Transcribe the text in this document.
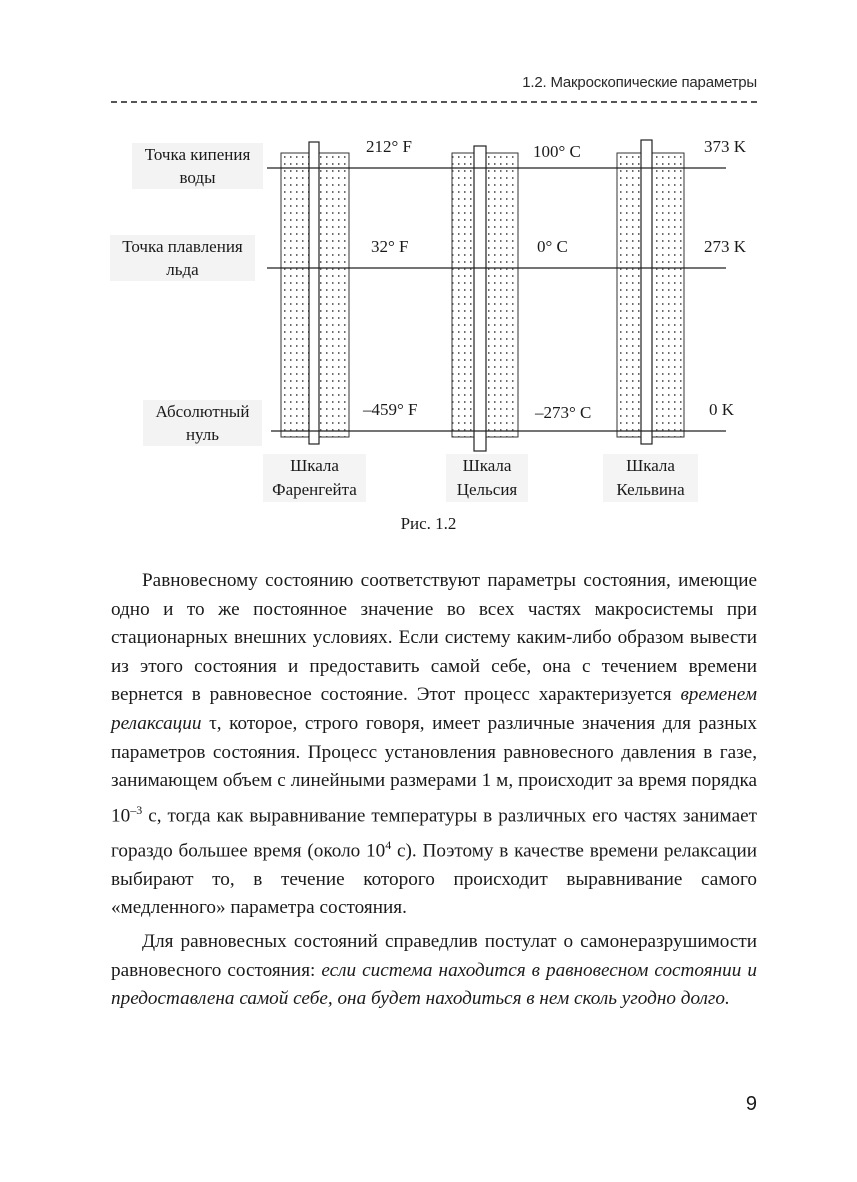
1.2. Макроскопические параметры
Точка кипения
воды
Точка плавления
льда
Абсолютный
нуль
212° F
32° F
–459° F
100° C
0° C
–273° C
373 K
273 K
0 K
Шкала
Фаренгейта
Шкала
Цельсия
Шкала
Кельвина
Рис. 1.2

Равновесному состоянию соответствуют параметры состояния, имеющие одно и то же постоянное значение во всех частях макросистемы при стационарных внешних условиях. Если систему каким-либо образом вывести из этого состояния и предоставить самой себе, она с течением времени вернется в равновесное состояние. Этот процесс характеризуется временем релаксации τ, которое, строго говоря, имеет различные значения для разных параметров состояния. Процесс установления равновесного давления в газе, занимающем объем с линейными размерами 1 м, происходит за время порядка $10^{-3}$ с, тогда как выравнивание температуры в различных его частях занимает гораздо большее время (около $10^4$ с). Поэтому в качестве времени релаксации выбирают то, в течение которого происходит выравнивание самого «медленного» параметра состояния.

Для равновесных состояний справедлив постулат о самонеразрушимости равновесного состояния: если система находится в равновесном состоянии и предоставлена самой себе, она будет находиться в нем сколь угодно долго.

9
